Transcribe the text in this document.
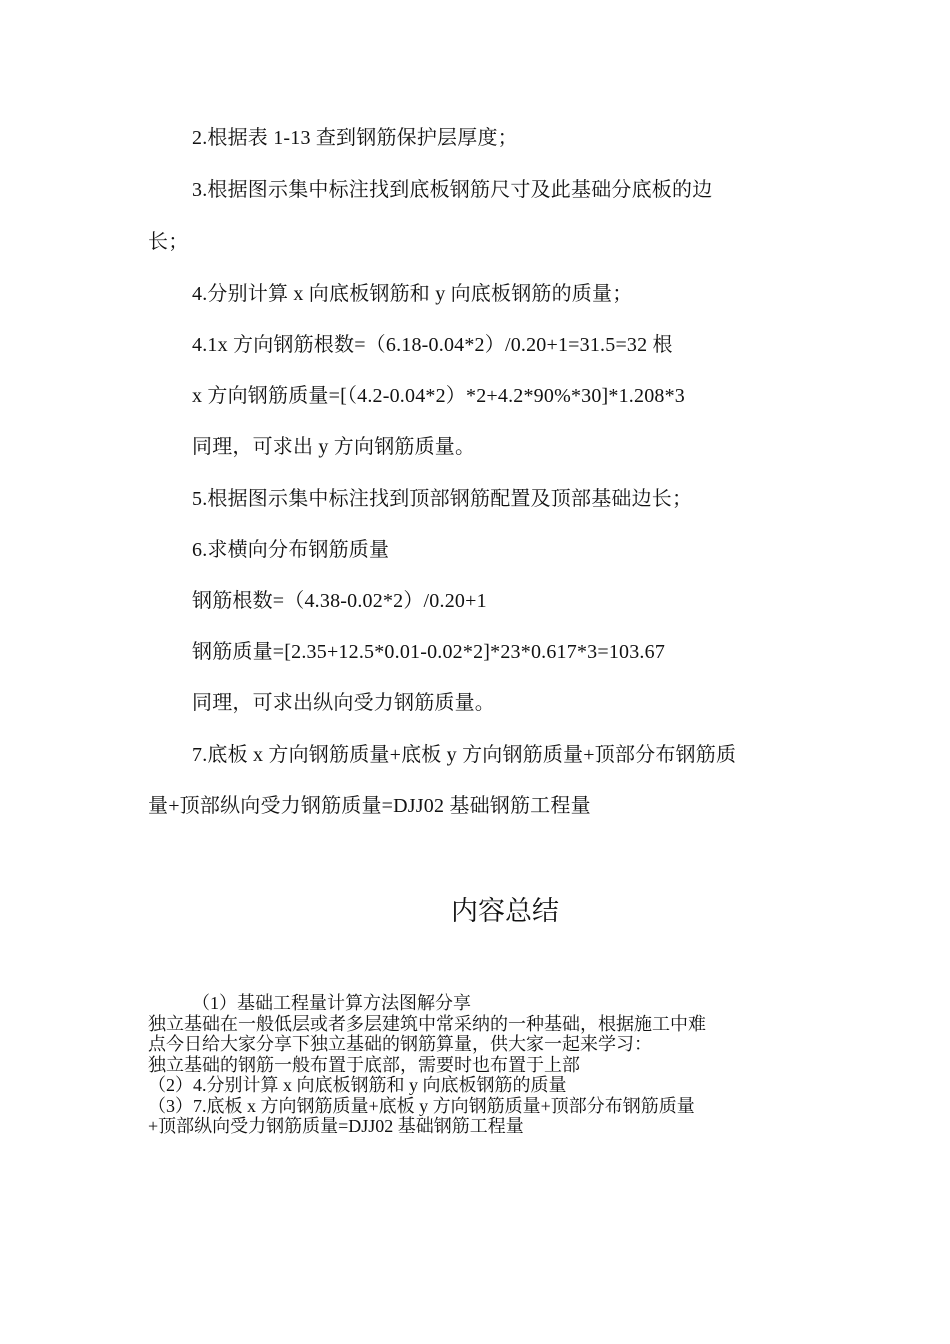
2.根据表 1-13 查到钢筋保护层厚度；
3.根据图示集中标注找到底板钢筋尺寸及此基础分底板的边
长；
4.分别计算 x 向底板钢筋和 y 向底板钢筋的质量；
4.1x 方向钢筋根数=（6.18-0.04*2）/0.20+1=31.5=32 根
x 方向钢筋质量=[（4.2-0.04*2）*2+4.2*90%*30]*1.208*3
同理，可求出 y 方向钢筋质量。
5.根据图示集中标注找到顶部钢筋配置及顶部基础边长；
6.求横向分布钢筋质量
钢筋根数=（4.38-0.02*2）/0.20+1
钢筋质量=[2.35+12.5*0.01-0.02*2]*23*0.617*3=103.67
同理，可求出纵向受力钢筋质量。
7.底板 x 方向钢筋质量+底板 y 方向钢筋质量+顶部分布钢筋质
量+顶部纵向受力钢筋质量=DJJ02 基础钢筋工程量
内容总结
（1）基础工程量计算方法图解分享
独立基础在一般低层或者多层建筑中常采纳的一种基础，根据施工中难
点今日给大家分享下独立基础的钢筋算量，供大家一起来学习：
独立基础的钢筋一般布置于底部，需要时也布置于上部
（2）4.分别计算 x 向底板钢筋和 y 向底板钢筋的质量
（3）7.底板 x 方向钢筋质量+底板 y 方向钢筋质量+顶部分布钢筋质量
+顶部纵向受力钢筋质量=DJJ02 基础钢筋工程量
